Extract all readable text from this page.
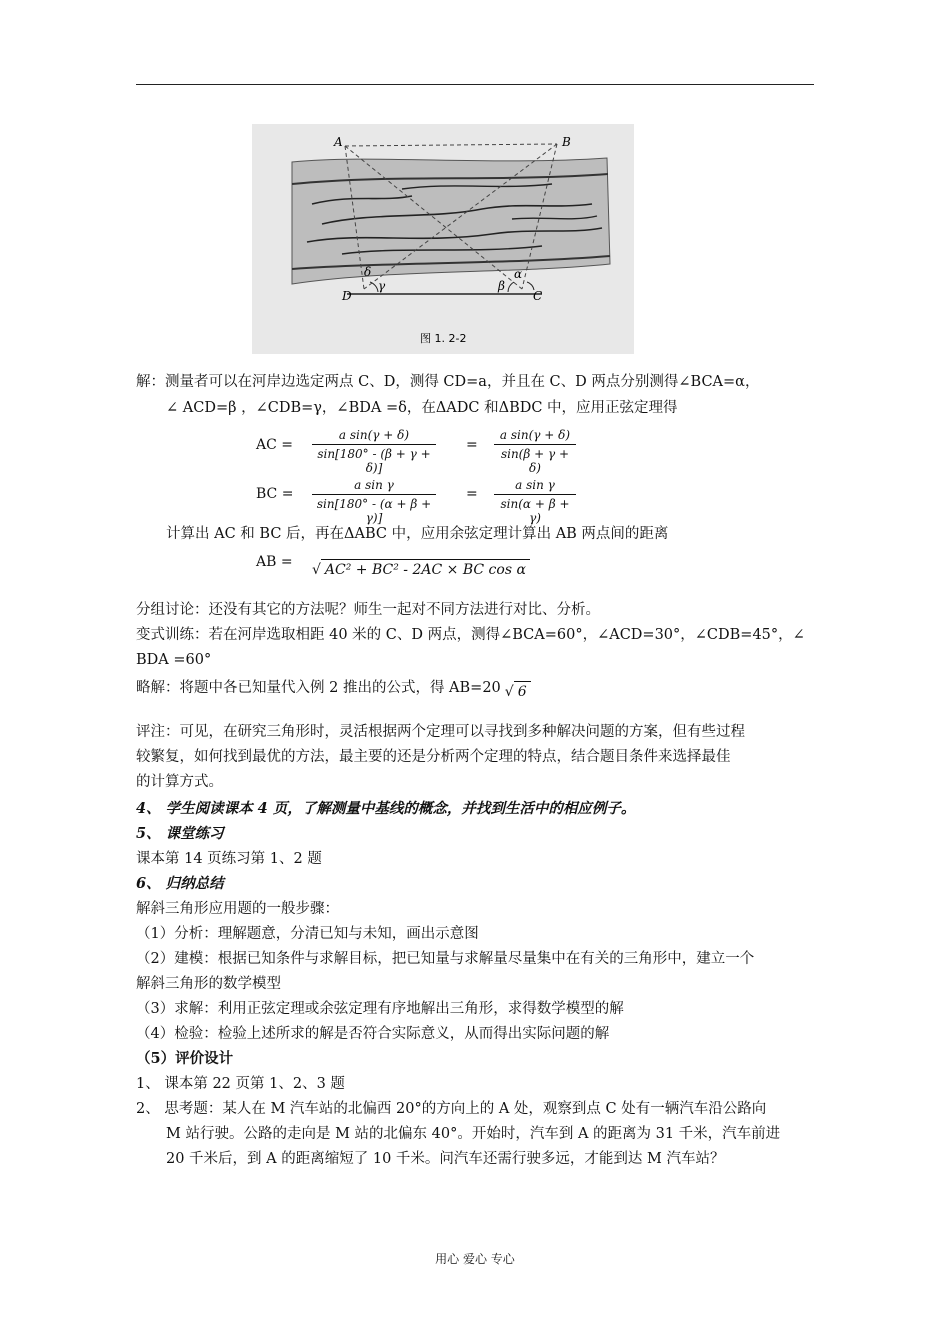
A	B
D	C
δ
γ
α
β
图 1. 2-2
解：测量者可以在河岸边选定两点 C、D，测得 CD=a，并且在 C、D 两点分别测得∠BCA=α，
∠ ACD=β ，∠CDB=γ，∠BDA =δ，在ΔADC 和ΔBDC 中，应用正弦定理得
AC = $\frac{\text{a sin(γ + δ)}}{\sin[180^\circ - (\beta + \gamma + \delta)]} = \frac{\text{a sin(γ + δ)}}{\sin(\beta + \gamma + \delta)}$
BC = $\frac{\text{a sin γ}}{\sin[180^\circ - (\alpha + \beta + \gamma)]} = \frac{\text{a sin γ}}{\sin(\alpha + \beta + \gamma)}$
计算出 AC 和 BC 后，再在ΔABC 中，应用余弦定理计算出 AB 两点间的距离
AB = √ AC² + BC² - 2AC × BC cos α
分组讨论：还没有其它的方法呢？师生一起对不同方法进行对比、分析。
变式训练：若在河岸选取相距 40 米的 C、D 两点，测得∠BCA=60°，∠ACD=30°，∠CDB=45°，∠
BDA =60°
略解：将题中各已知量代入例 2 推出的公式，得 AB=20 √ 6
评注：可见，在研究三角形时，灵活根据两个定理可以寻找到多种解决问题的方案，但有些过程
较繁复，如何找到最优的方法，最主要的还是分析两个定理的特点，结合题目条件来选择最佳
的计算方式。
4、 学生阅读课本 4 页，了解测量中基线的概念，并找到生活中的相应例子。
5、 课堂练习
课本第 14 页练习第 1、2 题
6、 归纳总结
解斜三角形应用题的一般步骤：
（1）分析：理解题意，分清已知与未知，画出示意图
（2）建模：根据已知条件与求解目标，把已知量与求解量尽量集中在有关的三角形中，建立一个
解斜三角形的数学模型
（3）求解：利用正弦定理或余弦定理有序地解出三角形，求得数学模型的解
（4）检验：检验上述所求的解是否符合实际意义，从而得出实际问题的解
（5）评价设计
1、 课本第 22 页第 1、2、3 题
2、 思考题：某人在 M 汽车站的北偏西 20°的方向上的 A 处，观察到点 C 处有一辆汽车沿公路向
M 站行驶。公路的走向是 M 站的北偏东 40°。开始时，汽车到 A 的距离为 31 千米，汽车前进
20 千米后，到 A 的距离缩短了 10 千米。问汽车还需行驶多远，才能到达 M 汽车站？
用心 爱心 专心
